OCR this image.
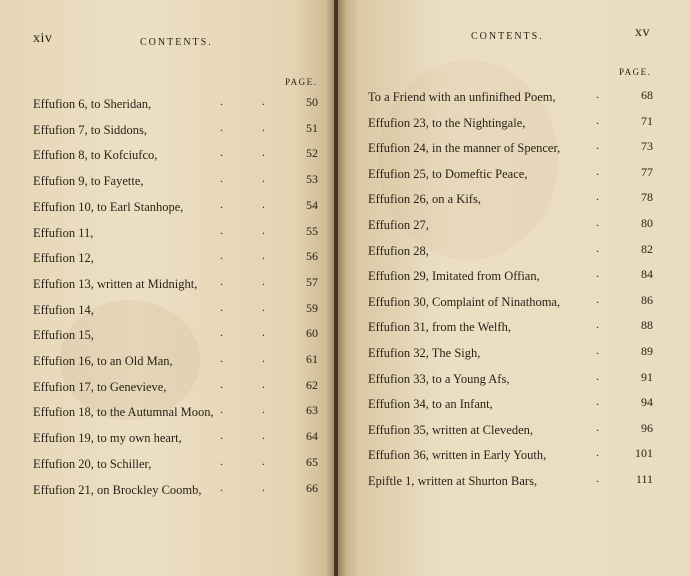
xiv	CONTENTS.
PAGE.
Effufion 6, to Sheridan,	.	.	50
Effufion 7, to Siddons,	.	.	51
Effufion 8, to Kofciufco,	.	.	52
Effufion 9, to Fayette,	.	.	53
Effufion 10, to Earl Stanhope,	.	.	54
Effufion 11,	.	.	55
Effufion 12,	.	.	56
Effufion 13, written at Midnight, .	.	57
Effufion 14,	.	.	59
Effufion 15,	.	.	60
Effufion 16, to an Old Man,	.	.	61
Effufion 17, to Genevieve,	.	.	62
Effufion 18, to the Autumnal Moon, .	.	63
Effufion 19, to my own heart,	.	.	64
Effufion 20, to Schiller,	.	.	65
Effufion 21, on Brockley Coomb, .	.	66
CONTENTS.	xv
PAGE.
To a Friend with an unfinifhed Poem,	.	68
Effufion 23, to the Nightingale,	.	71
Effufion 24, in the manner of Spencer,	.	73
Effufion 25, to Domeftic Peace,	.	77
Effufion 26, on a Kifs,	.	78
Effufion 27,	.	80
Effufion 28,	.	82
Effufion 29, Imitated from Offian,	.	84
Effufion 30, Complaint of Ninathoma,	.	86
Effufion 31, from the Welfh,	.	88
Effufion 32, The Sigh,	.	89
Effufion 33, to a Young Afs,	.	91
Effufion 34, to an Infant,	.	94
Effufion 35, written at Cleveden,	.	96
Effufion 36, written in Early Youth,	.	101
Epiftle 1, written at Shurton Bars,	.	111
